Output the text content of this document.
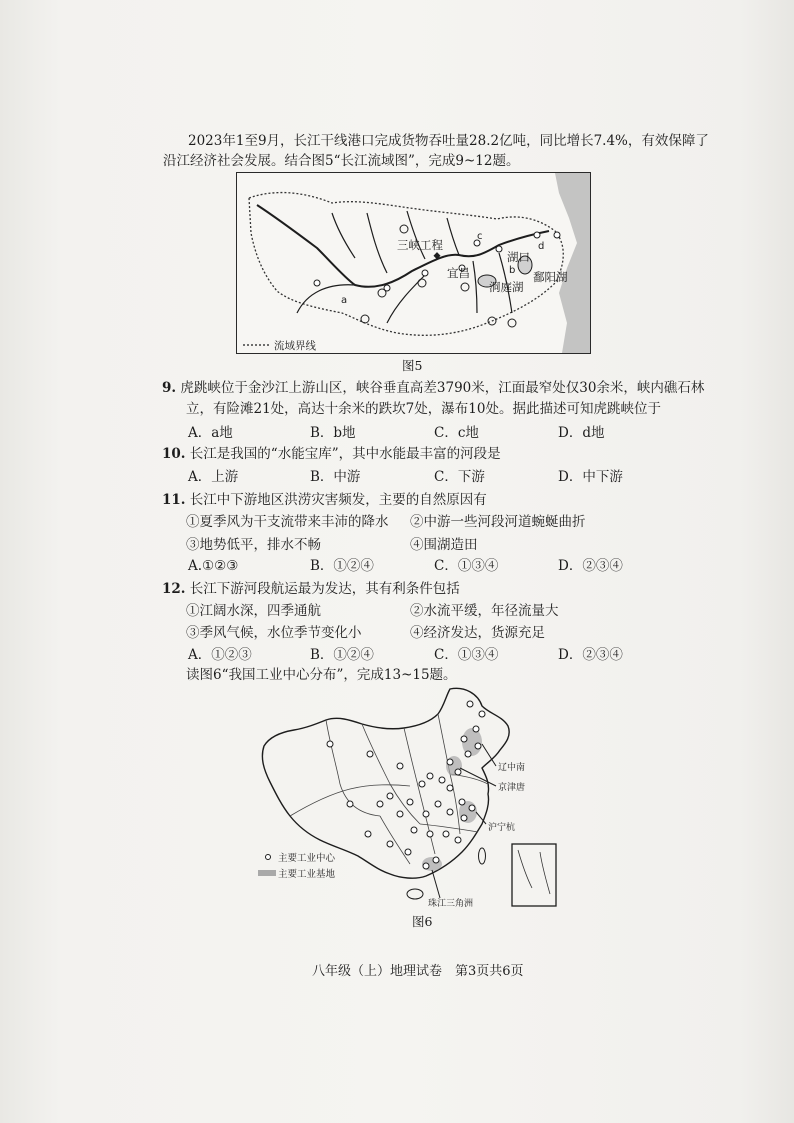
2023年1至9月，长江干线港口完成货物吞吐量28.2亿吨，同比增长7.4%，有效保障了
沿江经济社会发展。结合图5“长江流域图”，完成9~12题。
三峡工程
宜昌
湖口
鄱阳湖
洞庭湖
a
b
c
d
流域界线
图5
9. 虎跳峡位于金沙江上游山区，峡谷垂直高差3790米，江面最窄处仅30余米，峡内礁石林
立，有险滩21处，高达十余米的跌坎7处，瀑布10处。据此描述可知虎跳峡位于
A．a地	B．b地	C．c地	D．d地
10. 长江是我国的“水能宝库”，其中水能最丰富的河段是
A．上游	B．中游	C．下游	D．中下游
11. 长江中下游地区洪涝灾害频发，主要的自然原因有
①夏季风为干支流带来丰沛的降水 ②中游一些河段河道蜿蜒曲折
③地势低平，排水不畅	④围湖造田
A.①②③	B．①②④	C．①③④	D．②③④
12. 长江下游河段航运最为发达，其有利条件包括
①江阔水深，四季通航	②水流平缓，年径流量大
③季风气候，水位季节变化小	④经济发达，货源充足
A．①②③	B．①②④	C．①③④	D．②③④
读图6“我国工业中心分布”，完成13~15题。
辽中南
京津唐
沪宁杭
珠江三角洲
主要工业中心
主要工业基地
图6
八年级（上）地理试卷　第3页共6页
